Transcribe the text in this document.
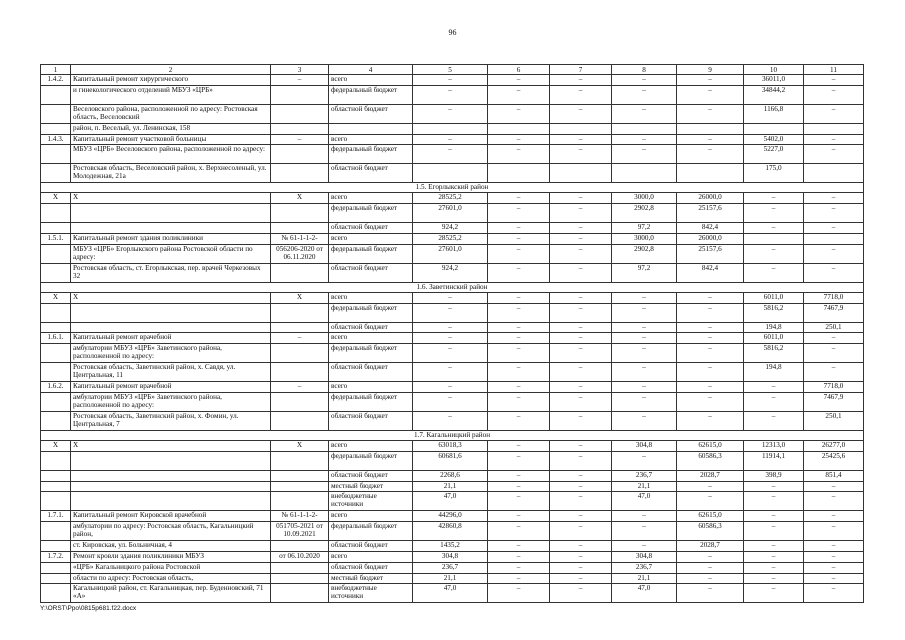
96
1	2	3	4	5	6	7	8	9	10	11
1.4.2.	Капитальный ремонт хирургического	–	всего	–	–	–	–	–	36011,0	–
	и гинекологического отделений МБУЗ «ЦРБ»		федеральный бюджет	–	–	–	–	–	34844,2	–
	Веселовского района, расположенной по адресу: Ростовская область, Веселовский		областной бюджет	–	–	–	–	–	1166,8	–
	район, п. Веселый, ул. Ленинская, 158									
1.4.3.	Капитальный ремонт участковой больницы	–	всего	–	–	–	–	–	5402,0	–
	МБУЗ «ЦРБ» Веселовского района, расположенной по адресу:		федеральный бюджет	–	–	–	–	–	5227,0	–
	Ростовская область, Веселовский район, х. Верхнесоленый, ул. Молодежная, 21а		областной бюджет						175,0	
1.5. Егорлыкский район										
X	X	X	всего	28525,2	–	–	3000,0	26000,0	–	–
			федеральный бюджет	27601,0	–	–	2902,8	25157,6	–	–
			областной бюджет	924,2	–	–	97,2	842,4	–	–
1.5.1.	Капитальный ремонт здания поликлиники	№ 61-1-1-2-	всего	28525,2	–	–	3000,0	26000,0		
	МБУЗ «ЦРБ» Егорлыкского района Ростовской области по адресу:	056206-2020 от 06.11.2020	федеральный бюджет	27601,0	–	–	2902,8	25157,6	–	–
	Ростовская область, ст. Егорлыкская, пер. врачей Черкезовых 32		областной бюджет	924,2	–	–	97,2	842,4	–	–
1.6. Заветинский район										
X	X	X	всего	–	–	–	–	–	6011,0	7718,0
			федеральный бюджет	–	–	–	–	–	5816,2	7467,9
			областной бюджет	–	–	–	–	–	194,8	250,1
1.6.1.	Капитальный ремонт врачебной	–	всего	–	–	–	–	–	6011,0	–
	амбулатории МБУЗ «ЦРБ» Заветинского района, расположенной по адресу:		федеральный бюджет	–	–	–	–	–	5816,2	–
	Ростовская область, Заветинский район, х. Савдя, ул. Центральная, 11		областной бюджет	–	–	–	–	–	194,8	–
1.6.2.	Капитальный ремонт врачебной	–	всего	–	–	–	–	–	–	7718,0
	амбулатории МБУЗ «ЦРБ» Заветинского района, расположенной по адресу:		федеральный бюджет	–	–	–	–	–	–	7467,9
	Ростовская область, Заветинский район, х. Фомин, ул. Центральная, 7		областной бюджет	–	–	–	–	–	–	250,1
1.7. Кагальницкий район										
X	X	X	всего	63018,3	–	–	304,8	62615,0	12313,0	26277,0
			федеральный бюджет	60681,6	–	–	–	60586,3	11914,1	25425,6
			областной бюджет	2268,6	–	–	236,7	2028,7	398,9	851,4
			местный бюджет	21,1	–	–	21,1	–	–	–
			внебюджетные источники	47,0	–	–	47,0	–	–	–
1.7.1.	Капитальный ремонт Кировской врачебной	№ 61-1-1-2-	всего	44296,0	–	–	–	62615,0	–	–
	амбулатории по адресу: Ростовская область, Кагальницкий район,	051705-2021 от 10.09.2021	федеральный бюджет	42860,8	–	–	–	60586,3	–	–
	ст. Кировская, ул. Больничная, 4		областной бюджет	1435,2	–	–	–	2028,7	–	–
1.7.2.	Ремонт кровли здания поликлиники МБУЗ	от 06.10.2020	всего	304,8	–	–	304,8	–	–	–
	«ЦРБ» Кагальницкого района Ростовской		областной бюджет	236,7	–	–	236,7	–	–	–
	области по адресу: Ростовская область,		местный бюджет	21,1	–	–	21,1	–	–	–
	Кагальницкий район, ст. Кагальницкая, пер. Буденновский, 71 «А»		внебюджетные источники	47,0	–	–	47,0	–	–	–
Y:\ORST\Ppo\0815p681.f22.docx
